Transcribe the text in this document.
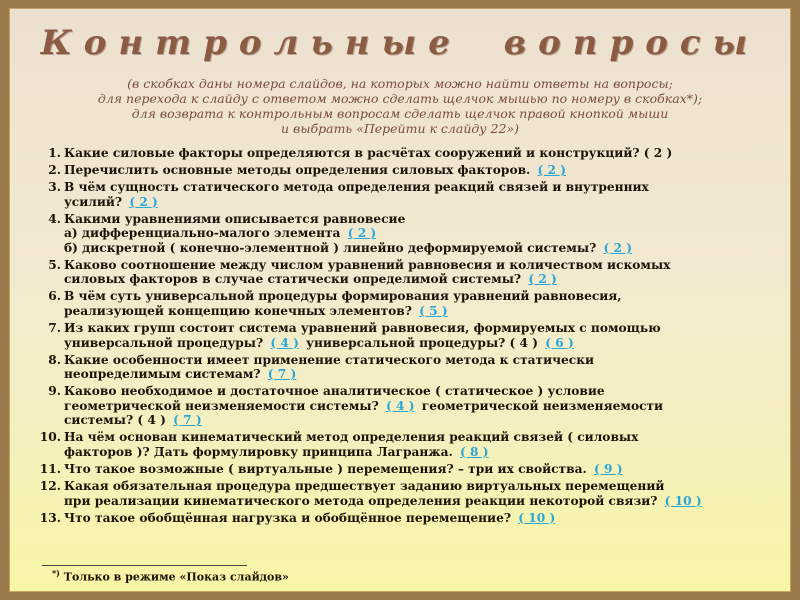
Контрольные вопросы
(в скобках даны номера слайдов, на которых можно найти ответы на вопросы;
для перехода к слайду с ответом можно сделать щелчок мышью по номеру в скобках*);
для возврата к контрольным вопросам сделать щелчок правой кнопкой мыши
и выбрать «Перейти к слайду 22»)
1. Какие силовые факторы определяются в расчётах сооружений и конструкций? ( 2 )
2. Перечислить основные методы определения силовых факторов. ( 2 )
3. В чём сущность статического метода определения реакций связей и внутренних
усилий? ( 2 )
4. Какими уравнениями описывается равновесие
а) дифференциально-малого элемента ( 2 )
б) дискретной ( конечно-элементной ) линейно деформируемой системы? ( 2 )
5. Каково соотношение между числом уравнений равновесия и количеством искомых
силовых факторов в случае статически определимой системы? ( 2 )
6. В чём суть универсальной процедуры формирования уравнений равновесия,
реализующей концепцию конечных элементов? ( 5 )
7. Из каких групп состоит система уравнений равновесия, формируемых с помощью
универсальной процедуры? ( 4 ) универсальной процедуры? ( 4 ) ( 6 )
8. Какие особенности имеет применение статического метода к статически
неопределимым системам? ( 7 )
9. Каково необходимое и достаточное аналитическое ( статическое ) условие
геометрической неизменяемости системы? ( 4 ) геометрической неизменяемости
системы? ( 4 ) ( 7 )
10. На чём основан кинематический метод определения реакций связей ( силовых
факторов )? Дать формулировку принципа Лагранжа. ( 8 )
11. Что такое возможные ( виртуальные ) перемещения? – три их свойства. ( 9 )
12. Какая обязательная процедура предшествует заданию виртуальных перемещений
при реализации кинематического метода определения реакции некоторой связи? ( 10 )
13. Что такое обобщённая нагрузка и обобщённое перемещение? ( 10 )
*) Только в режиме «Показ слайдов»
